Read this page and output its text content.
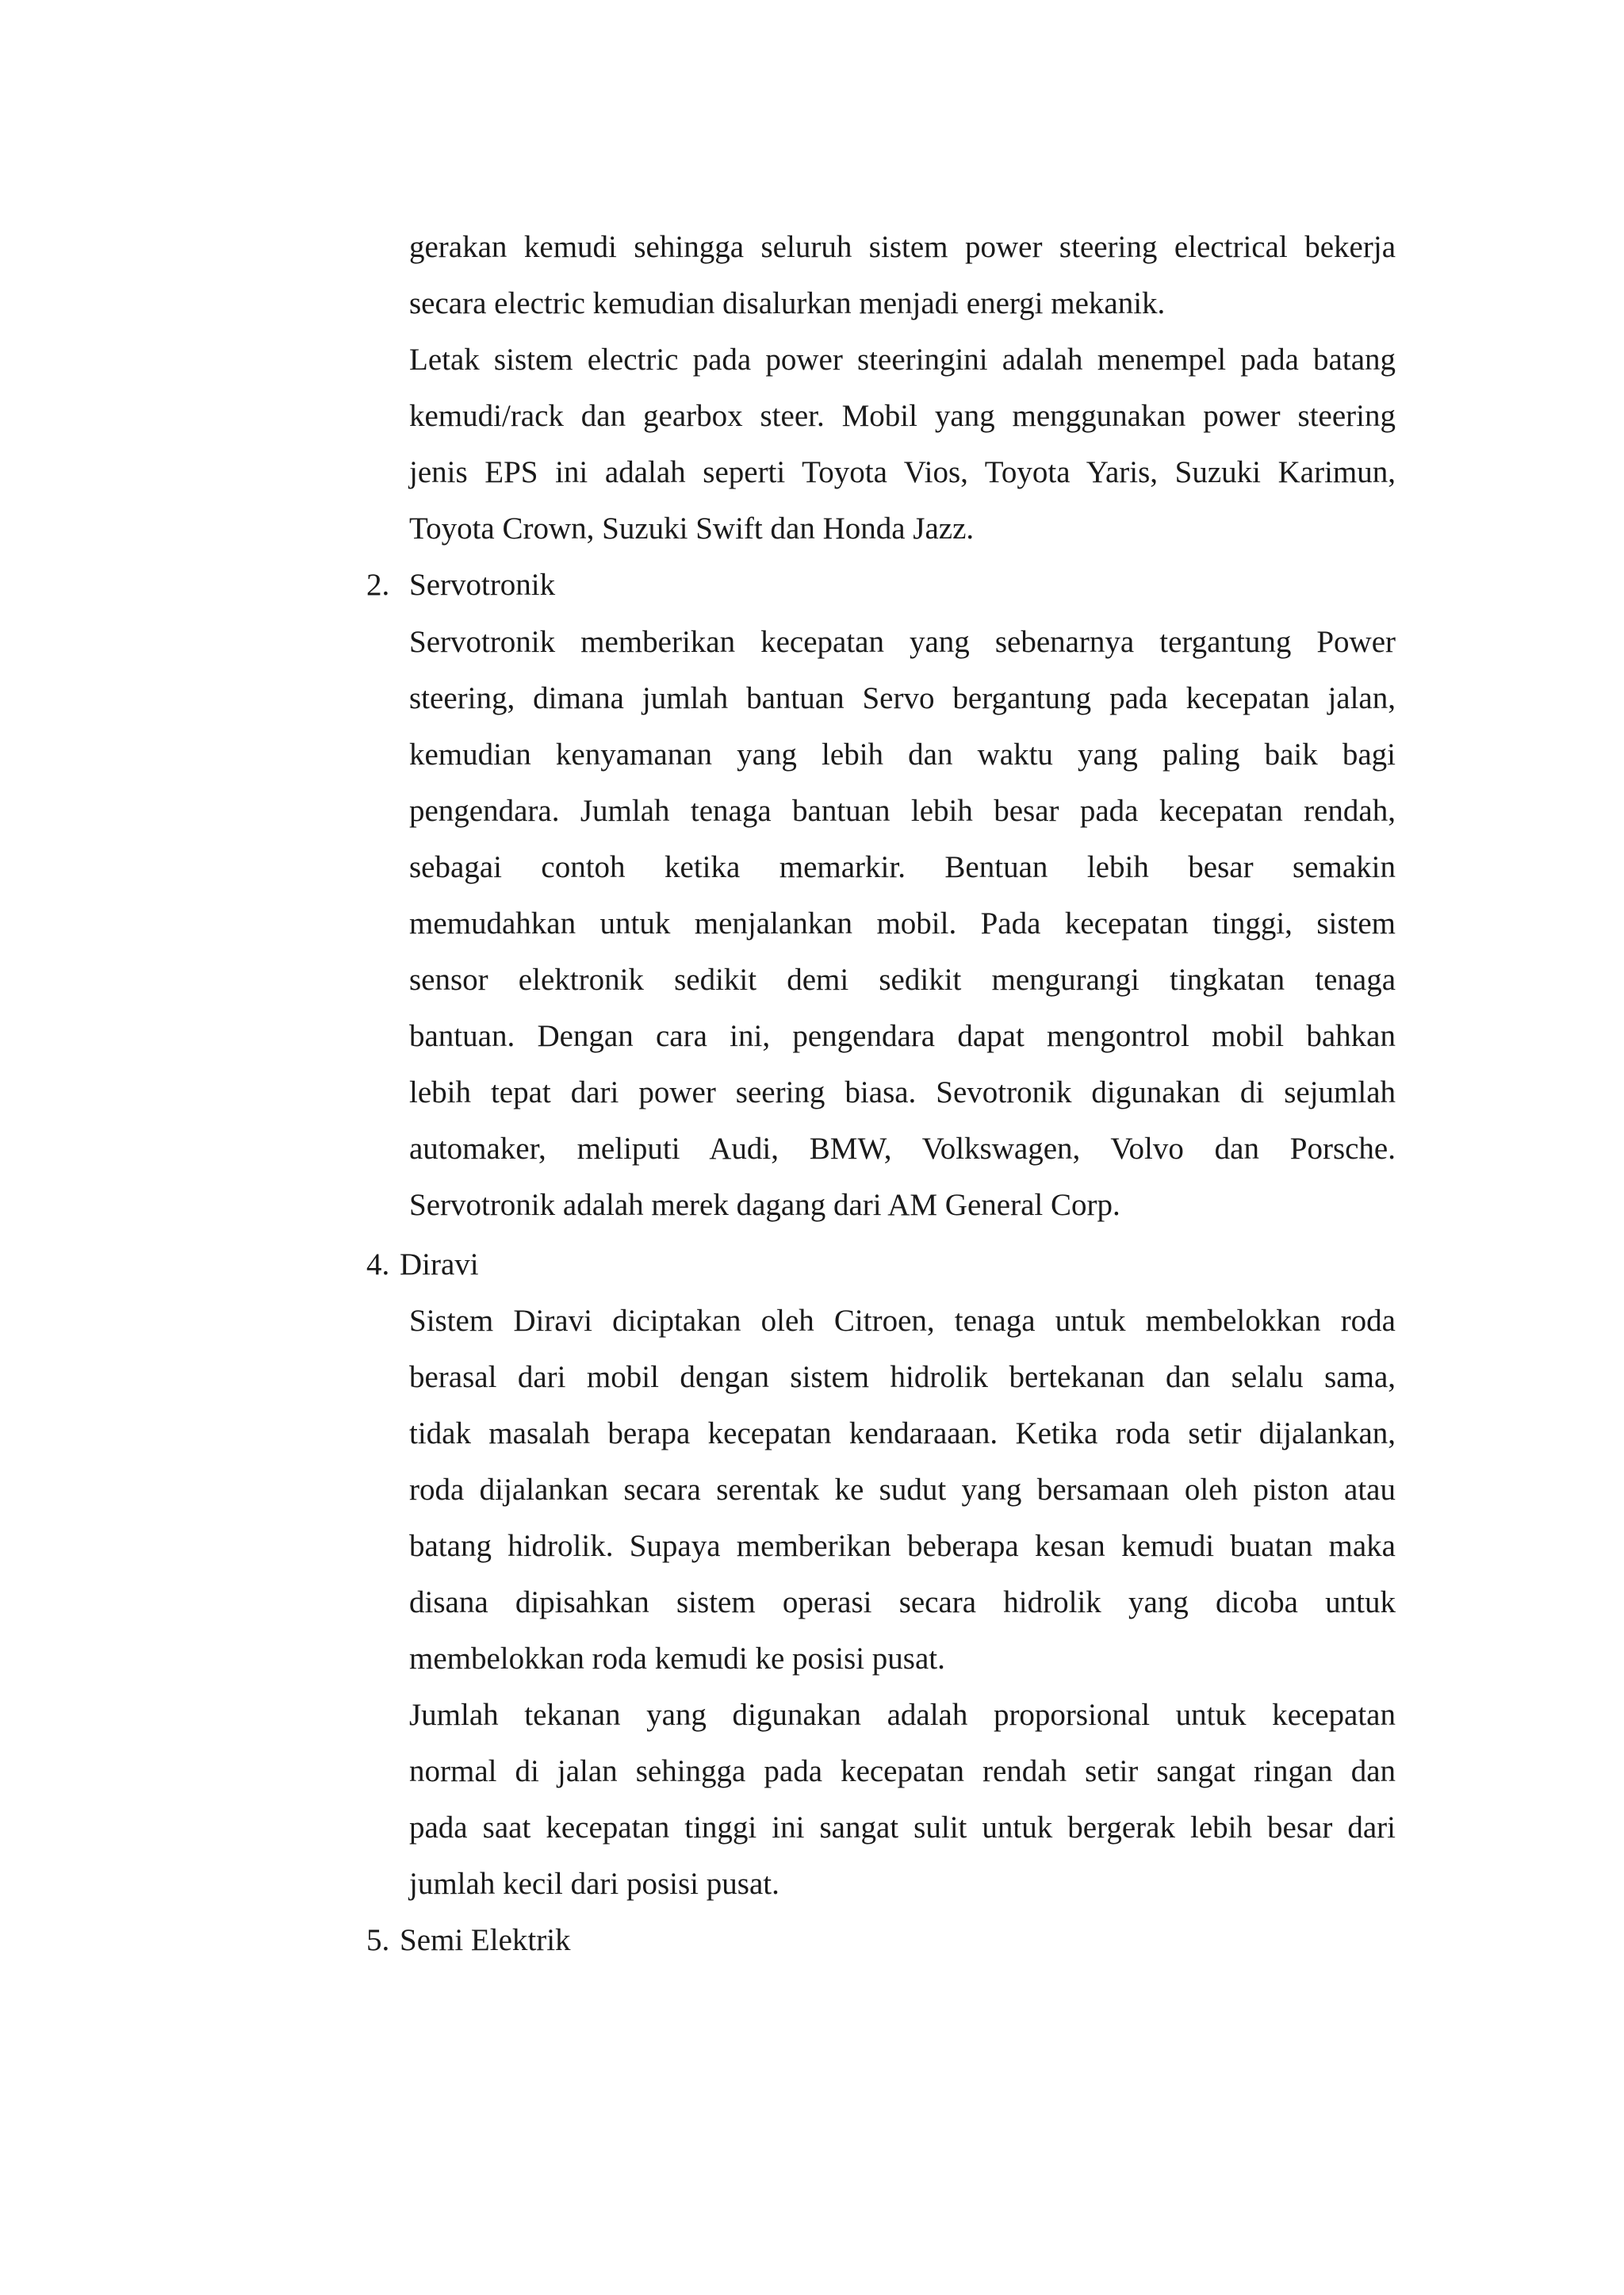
gerakan kemudi sehingga seluruh sistem power steering electrical bekerja
secara electric kemudian disalurkan menjadi energi mekanik.
Letak sistem electric pada power steeringini adalah menempel pada batang
kemudi/rack dan gearbox steer. Mobil yang menggunakan power steering
jenis EPS ini adalah seperti Toyota Vios, Toyota Yaris, Suzuki Karimun,
Toyota Crown, Suzuki Swift dan Honda Jazz.
2. Servotronik
Servotronik memberikan kecepatan yang sebenarnya tergantung Power
steering, dimana jumlah bantuan Servo bergantung pada kecepatan jalan,
kemudian kenyamanan yang lebih dan waktu yang paling baik bagi
pengendara. Jumlah tenaga bantuan lebih besar pada kecepatan rendah,
sebagai contoh ketika memarkir. Bentuan lebih besar semakin
memudahkan untuk menjalankan mobil. Pada kecepatan tinggi, sistem
sensor elektronik sedikit demi sedikit mengurangi tingkatan tenaga
bantuan. Dengan cara ini, pengendara dapat mengontrol mobil bahkan
lebih tepat dari power seering biasa. Sevotronik digunakan di sejumlah
automaker, meliputi Audi, BMW, Volkswagen, Volvo dan Porsche.
Servotronik adalah merek dagang dari AM General Corp.
4. Diravi
Sistem Diravi diciptakan oleh Citroen, tenaga untuk membelokkan roda
berasal dari mobil dengan sistem hidrolik bertekanan dan selalu sama,
tidak masalah berapa kecepatan kendaraaan. Ketika roda setir dijalankan,
roda dijalankan secara serentak ke sudut yang bersamaan oleh piston atau
batang hidrolik. Supaya memberikan beberapa kesan kemudi buatan maka
disana dipisahkan sistem operasi secara hidrolik yang dicoba untuk
membelokkan roda kemudi ke posisi pusat.
Jumlah tekanan yang digunakan adalah proporsional untuk kecepatan
normal di jalan sehingga pada kecepatan rendah setir sangat ringan dan
pada saat kecepatan tinggi ini sangat sulit untuk bergerak lebih besar dari
jumlah kecil dari posisi pusat.
5. Semi Elektrik
